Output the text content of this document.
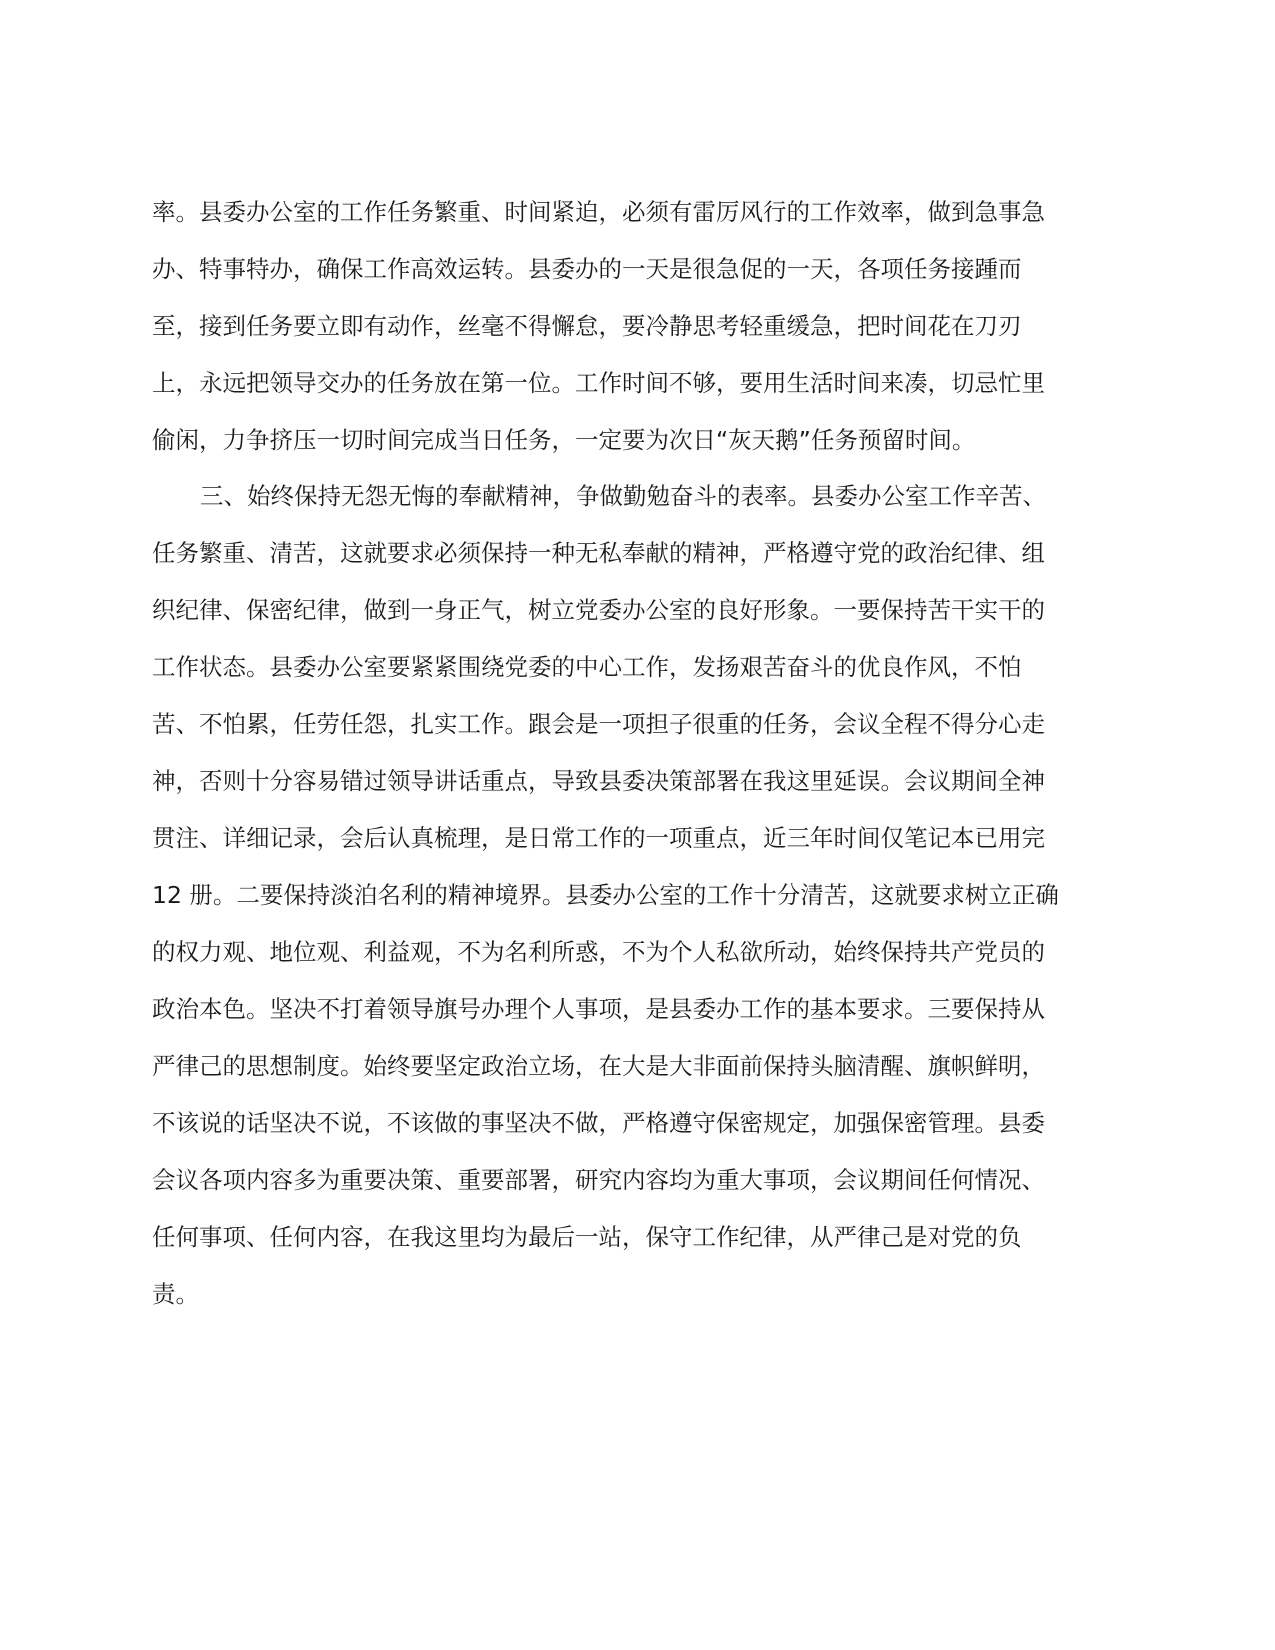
率。县委办公室的工作任务繁重、时间紧迫，必须有雷厉风行的工作效率，做到急事急
办、特事特办，确保工作高效运转。县委办的一天是很急促的一天，各项任务接踵而
至，接到任务要立即有动作，丝毫不得懈怠，要冷静思考轻重缓急，把时间花在刀刃
上，永远把领导交办的任务放在第一位。工作时间不够，要用生活时间来凑，切忌忙里
偷闲，力争挤压一切时间完成当日任务，一定要为次日“灰天鹅”任务预留时间。
三、始终保持无怨无悔的奉献精神，争做勤勉奋斗的表率。县委办公室工作辛苦、
任务繁重、清苦，这就要求必须保持一种无私奉献的精神，严格遵守党的政治纪律、组
织纪律、保密纪律，做到一身正气，树立党委办公室的良好形象。一要保持苦干实干的
工作状态。县委办公室要紧紧围绕党委的中心工作，发扬艰苦奋斗的优良作风，不怕
苦、不怕累，任劳任怨，扎实工作。跟会是一项担子很重的任务，会议全程不得分心走
神，否则十分容易错过领导讲话重点，导致县委决策部署在我这里延误。会议期间全神
贯注、详细记录，会后认真梳理，是日常工作的一项重点，近三年时间仅笔记本已用完
12 册。二要保持淡泊名利的精神境界。县委办公室的工作十分清苦，这就要求树立正确
的权力观、地位观、利益观，不为名利所惑，不为个人私欲所动，始终保持共产党员的
政治本色。坚决不打着领导旗号办理个人事项，是县委办工作的基本要求。三要保持从
严律己的思想制度。始终要坚定政治立场，在大是大非面前保持头脑清醒、旗帜鲜明，
不该说的话坚决不说，不该做的事坚决不做，严格遵守保密规定，加强保密管理。县委
会议各项内容多为重要决策、重要部署，研究内容均为重大事项，会议期间任何情况、
任何事项、任何内容，在我这里均为最后一站，保守工作纪律，从严律己是对党的负
责。
